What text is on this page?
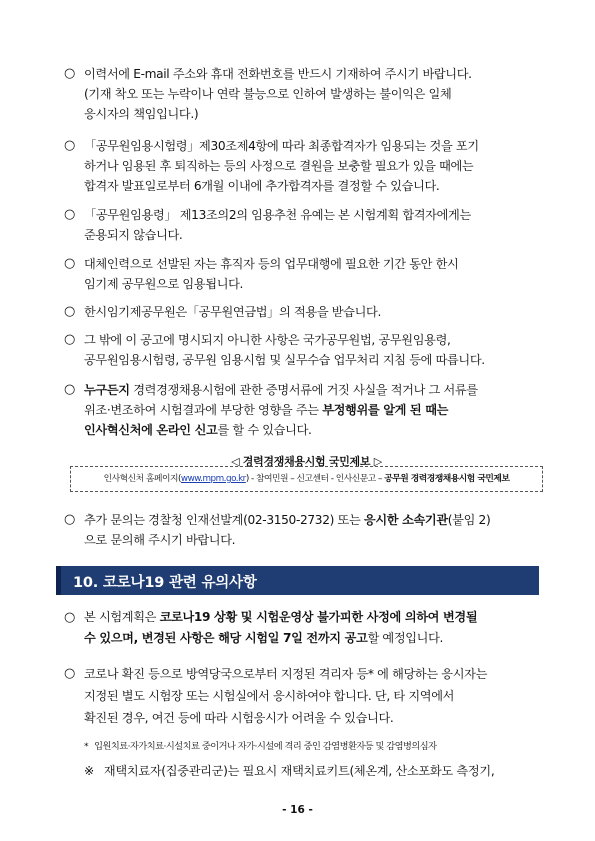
○ 이력서에 E-mail 주소와 휴대 전화번호를 반드시 기재하여 주시기 바랍니다.
(기재 착오 또는 누락이나 연락 불능으로 인하여 발생하는 불이익은 일체
응시자의 책임입니다.)
○ 「공무원임용시험령」제30조제4항에 따라 최종합격자가 임용되는 것을 포기
하거나 임용된 후 퇴직하는 등의 사정으로 결원을 보충할 필요가 있을 때에는
합격자 발표일로부터 6개월 이내에 추가합격자를 결정할 수 있습니다.
○ 「공무원임용령」 제13조의2의 임용추천 유예는 본 시험계획 합격자에게는
준용되지 않습니다.
○ 대체인력으로 선발된 자는 휴직자 등의 업무대행에 필요한 기간 동안 한시
임기제 공무원으로 임용됩니다.
○ 한시임기제공무원은「공무원연금법」의 적용을 받습니다.
○ 그 밖에 이 공고에 명시되지 아니한 사항은 국가공무원법, 공무원임용령,
공무원임용시험령, 공무원 임용시험 및 실무수습 업무처리 지침 등에 따릅니다.
○ 누구든지 경력경쟁채용시험에 관한 증명서류에 거짓 사실을 적거나 그 서류를
위조·변조하여 시험결과에 부당한 영향을 주는 부정행위를 알게 된 때는
인사혁신처에 온라인 신고를 할 수 있습니다.
◁ 경력경쟁채용시험 국민제보 ▷
인사혁신처 홈페이지(www.mpm.go.kr) - 참여민원 – 신고센터 - 인사신문고 – 공무원 경력경쟁채용시험 국민제보
○ 추가 문의는 경찰청 인재선발계(02-3150-2732) 또는 응시한 소속기관(붙임 2)
으로 문의해 주시기 바랍니다.
10. 코로나19 관련 유의사항
○ 본 시험계획은 코로나19 상황 및 시험운영상 불가피한 사정에 의하여 변경될
수 있으며, 변경된 사항은 해당 시험일 7일 전까지 공고할 예정입니다.
○ 코로나 확진 등으로 방역당국으로부터 지정된 격리자 등* 에 해당하는 응시자는
지정된 별도 시험장 또는 시험실에서 응시하여야 합니다. 단, 타 지역에서
확진된 경우, 여건 등에 따라 시험응시가 어려울 수 있습니다.
* 입원치료·자가치료·시설치료 중이거나 자가·시설에 격리 중인 감염병환자등 및 감염병의심자
※ 재택치료자(집중관리군)는 필요시 재택치료키트(체온계, 산소포화도 측정기,
- 16 -
